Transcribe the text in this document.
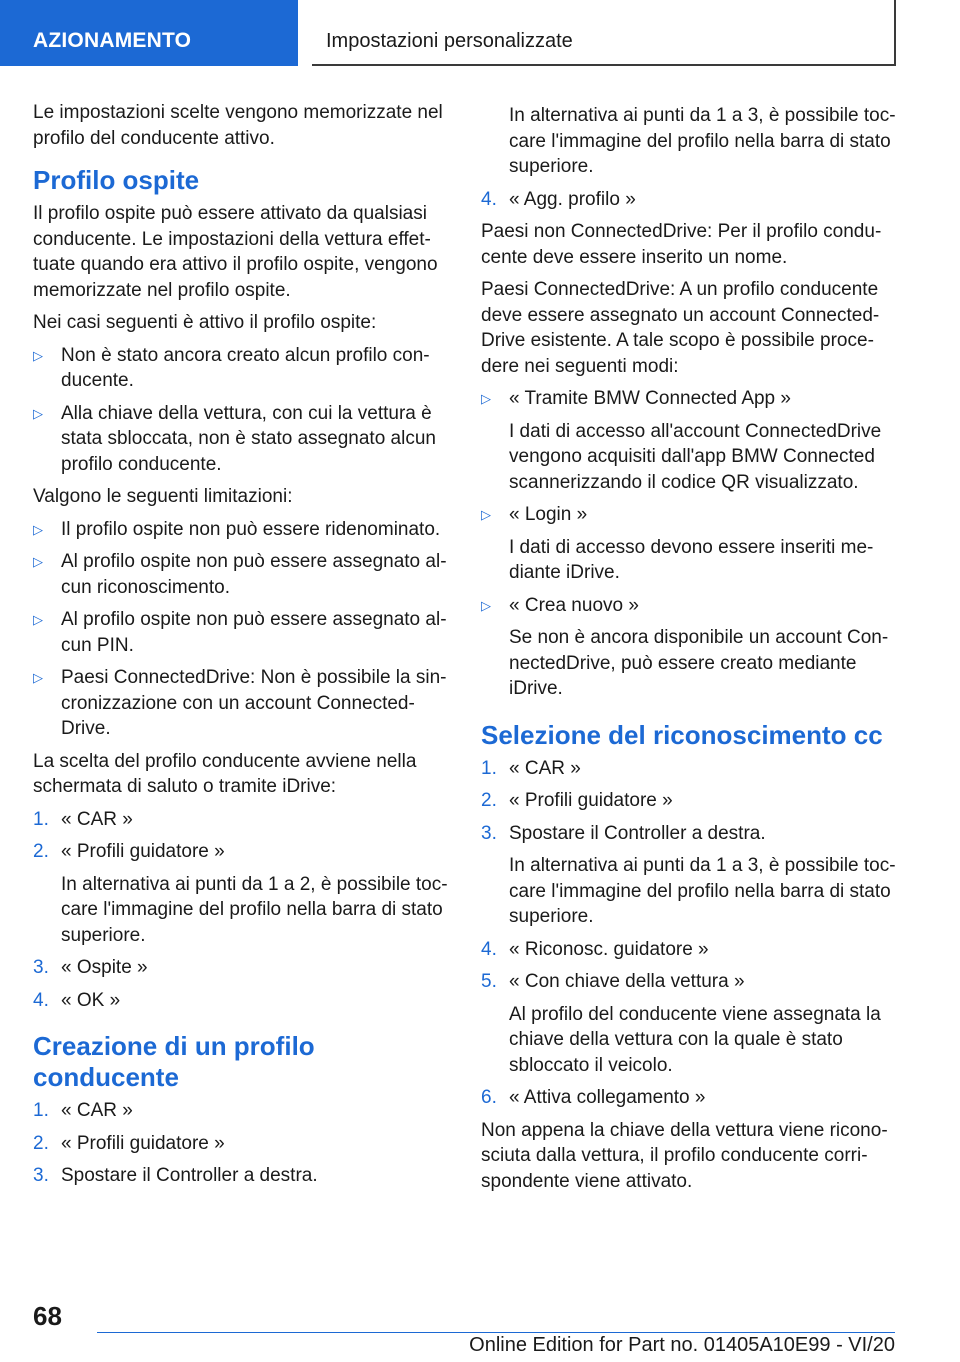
AZIONAMENTO	Impostazioni personalizzate

Le impostazioni scelte vengono memorizzate nel profilo del conducente attivo.

Profilo ospite

Il profilo ospite può essere attivato da qualsiasi conducente. Le impostazioni della vettura effettuate quando era attivo il profilo ospite, vengono memorizzate nel profilo ospite.

Nei casi seguenti è attivo il profilo ospite:

▷ Non è stato ancora creato alcun profilo conducente.
▷ Alla chiave della vettura, con cui la vettura è stata sbloccata, non è stato assegnato alcun profilo conducente.

Valgono le seguenti limitazioni:

▷ Il profilo ospite non può essere ridenominato.
▷ Al profilo ospite non può essere assegnato alcun riconoscimento.
▷ Al profilo ospite non può essere assegnato alcun PIN.
▷ Paesi ConnectedDrive: Non è possibile la sincronizzazione con un account ConnectedDrive.

La scelta del profilo conducente avviene nella schermata di saluto o tramite iDrive:

1. « CAR »
2. « Profili guidatore »
In alternativa ai punti da 1 a 2, è possibile toccare l'immagine del profilo nella barra di stato superiore.
3. « Ospite »
4. « OK »
Creazione di un profilo conducente
1. « CAR »
2. « Profili guidatore »
3. Spostare il Controller a destra.
In alternativa ai punti da 1 a 3, è possibile toccare l'immagine del profilo nella barra di stato superiore.
4. « Agg. profilo »

Paesi non ConnectedDrive: Per il profilo conducente deve essere inserito un nome.

Paesi ConnectedDrive: A un profilo conducente deve essere assegnato un account ConnectedDrive esistente. A tale scopo è possibile procedere nei seguenti modi:

▷ « Tramite BMW Connected App »
I dati di accesso all'account ConnectedDrive vengono acquisiti dall'app BMW Connected scannerizzando il codice QR visualizzato.
▷ « Login »
I dati di accesso devono essere inseriti mediante iDrive.
▷ « Crea nuovo »
Se non è ancora disponibile un account ConnectedDrive, può essere creato mediante iDrive.
Selezione del riconoscimento cc
1. « CAR »
2. « Profili guidatore »
3. Spostare il Controller a destra.
In alternativa ai punti da 1 a 3, è possibile toccare l'immagine del profilo nella barra di stato superiore.
4. « Riconosc. guidatore »
5. « Con chiave della vettura »
Al profilo del conducente viene assegnata la chiave della vettura con la quale è stato sbloccato il veicolo.
6. « Attiva collegamento »

Non appena la chiave della vettura viene riconosciuta dalla vettura, il profilo conducente corrispondente viene attivato.

68
Online Edition for Part no. 01405A10E99 - VI/20
